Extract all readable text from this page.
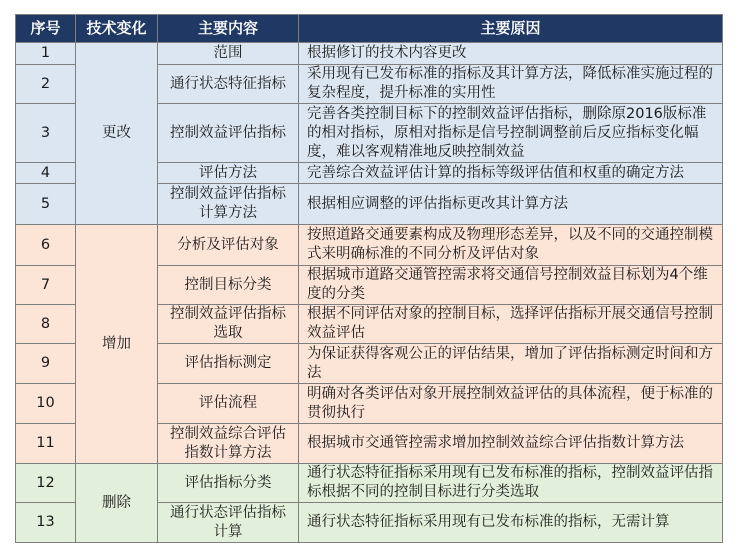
序号	技术变化	主要内容	主要原因
1	更改	范围	根据修订的技术内容更改
2		通行状态特征指标	采用现有已发布标准的指标及其计算方法，降低标准实施过程的复杂程度，提升标准的实用性
3		控制效益评估指标	完善各类控制目标下的控制效益评估指标，删除原2016版标准的相对指标，原相对指标是信号控制调整前后反应指标变化幅度，难以客观精准地反映控制效益
4		评估方法	完善综合效益评估计算的指标等级评估值和权重的确定方法
5		控制效益评估指标计算方法	根据相应调整的评估指标更改其计算方法
6	增加	分析及评估对象	按照道路交通要素构成及物理形态差异，以及不同的交通控制模式来明确标准的不同分析及评估对象
7		控制目标分类	根据城市道路交通管控需求将交通信号控制效益目标划为4个维度的分类
8		控制效益评估指标选取	根据不同评估对象的控制目标，选择评估指标开展交通信号控制效益评估
9		评估指标测定	为保证获得客观公正的评估结果，增加了评估指标测定时间和方法
10		评估流程	明确对各类评估对象开展控制效益评估的具体流程，便于标准的贯彻执行
11		控制效益综合评估指数计算方法	根据城市交通管控需求增加控制效益综合评估指数计算方法
12	删除	评估指标分类	通行状态特征指标采用现有已发布标准的指标，控制效益评估指标根据不同的控制目标进行分类选取
13		通行状态评估指标计算	通行状态特征指标采用现有已发布标准的指标，无需计算
